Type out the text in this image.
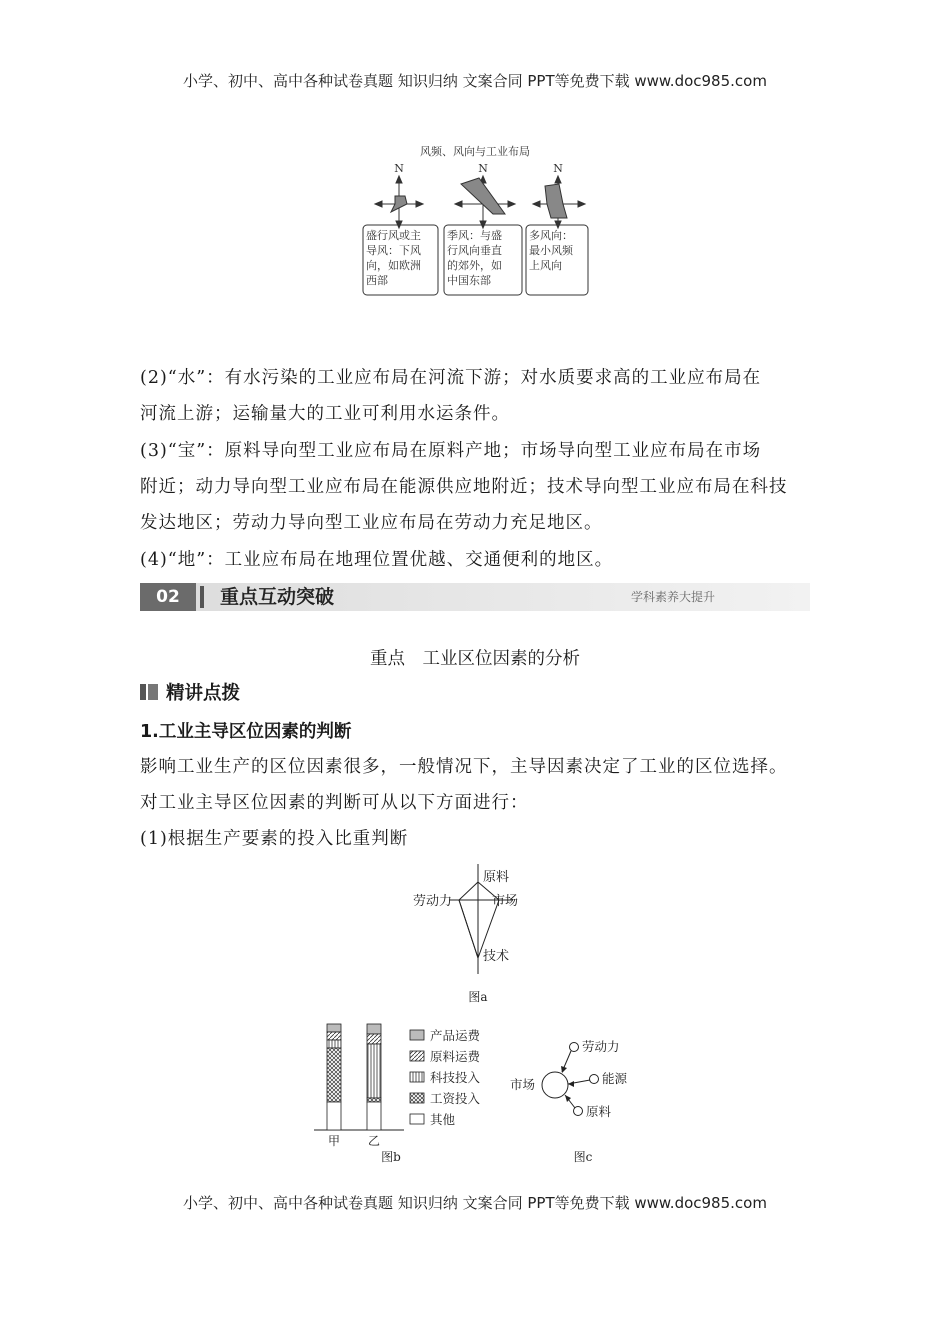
小学、初中、高中各种试卷真题 知识归纳 文案合同 PPT等免费下载 www.doc985.com
风频、风向与工业布局
N	N	N
盛行风或主
导风：下风
向，如欧洲
西部
季风：与盛
行风向垂直
的郊外，如
中国东部
多风向：
最小风频
上风向
(2)“水”：有水污染的工业应布局在河流下游；对水质要求高的工业应布局在
河流上游；运输量大的工业可利用水运条件。
(3)“宝”：原料导向型工业应布局在原料产地；市场导向型工业应布局在市场
附近；动力导向型工业应布局在能源供应地附近；技术导向型工业应布局在科技
发达地区；劳动力导向型工业应布局在劳动力充足地区。
(4)“地”：工业应布局在地理位置优越、交通便利的地区。
02	重点互动突破	学科素养大提升
重点　工业区位因素的分析
精讲点拨
1.工业主导区位因素的判断
影响工业生产的区位因素很多，一般情况下，主导因素决定了工业的区位选择。
对工业主导区位因素的判断可从以下方面进行：
(1)根据生产要素的投入比重判断
原料
劳动力	市场
技术
图a
甲 乙
产品运费
原料运费
科技投入
工资投入
其他
图b
市场
劳动力
能源
原料
图c
小学、初中、高中各种试卷真题 知识归纳 文案合同 PPT等免费下载 www.doc985.com
